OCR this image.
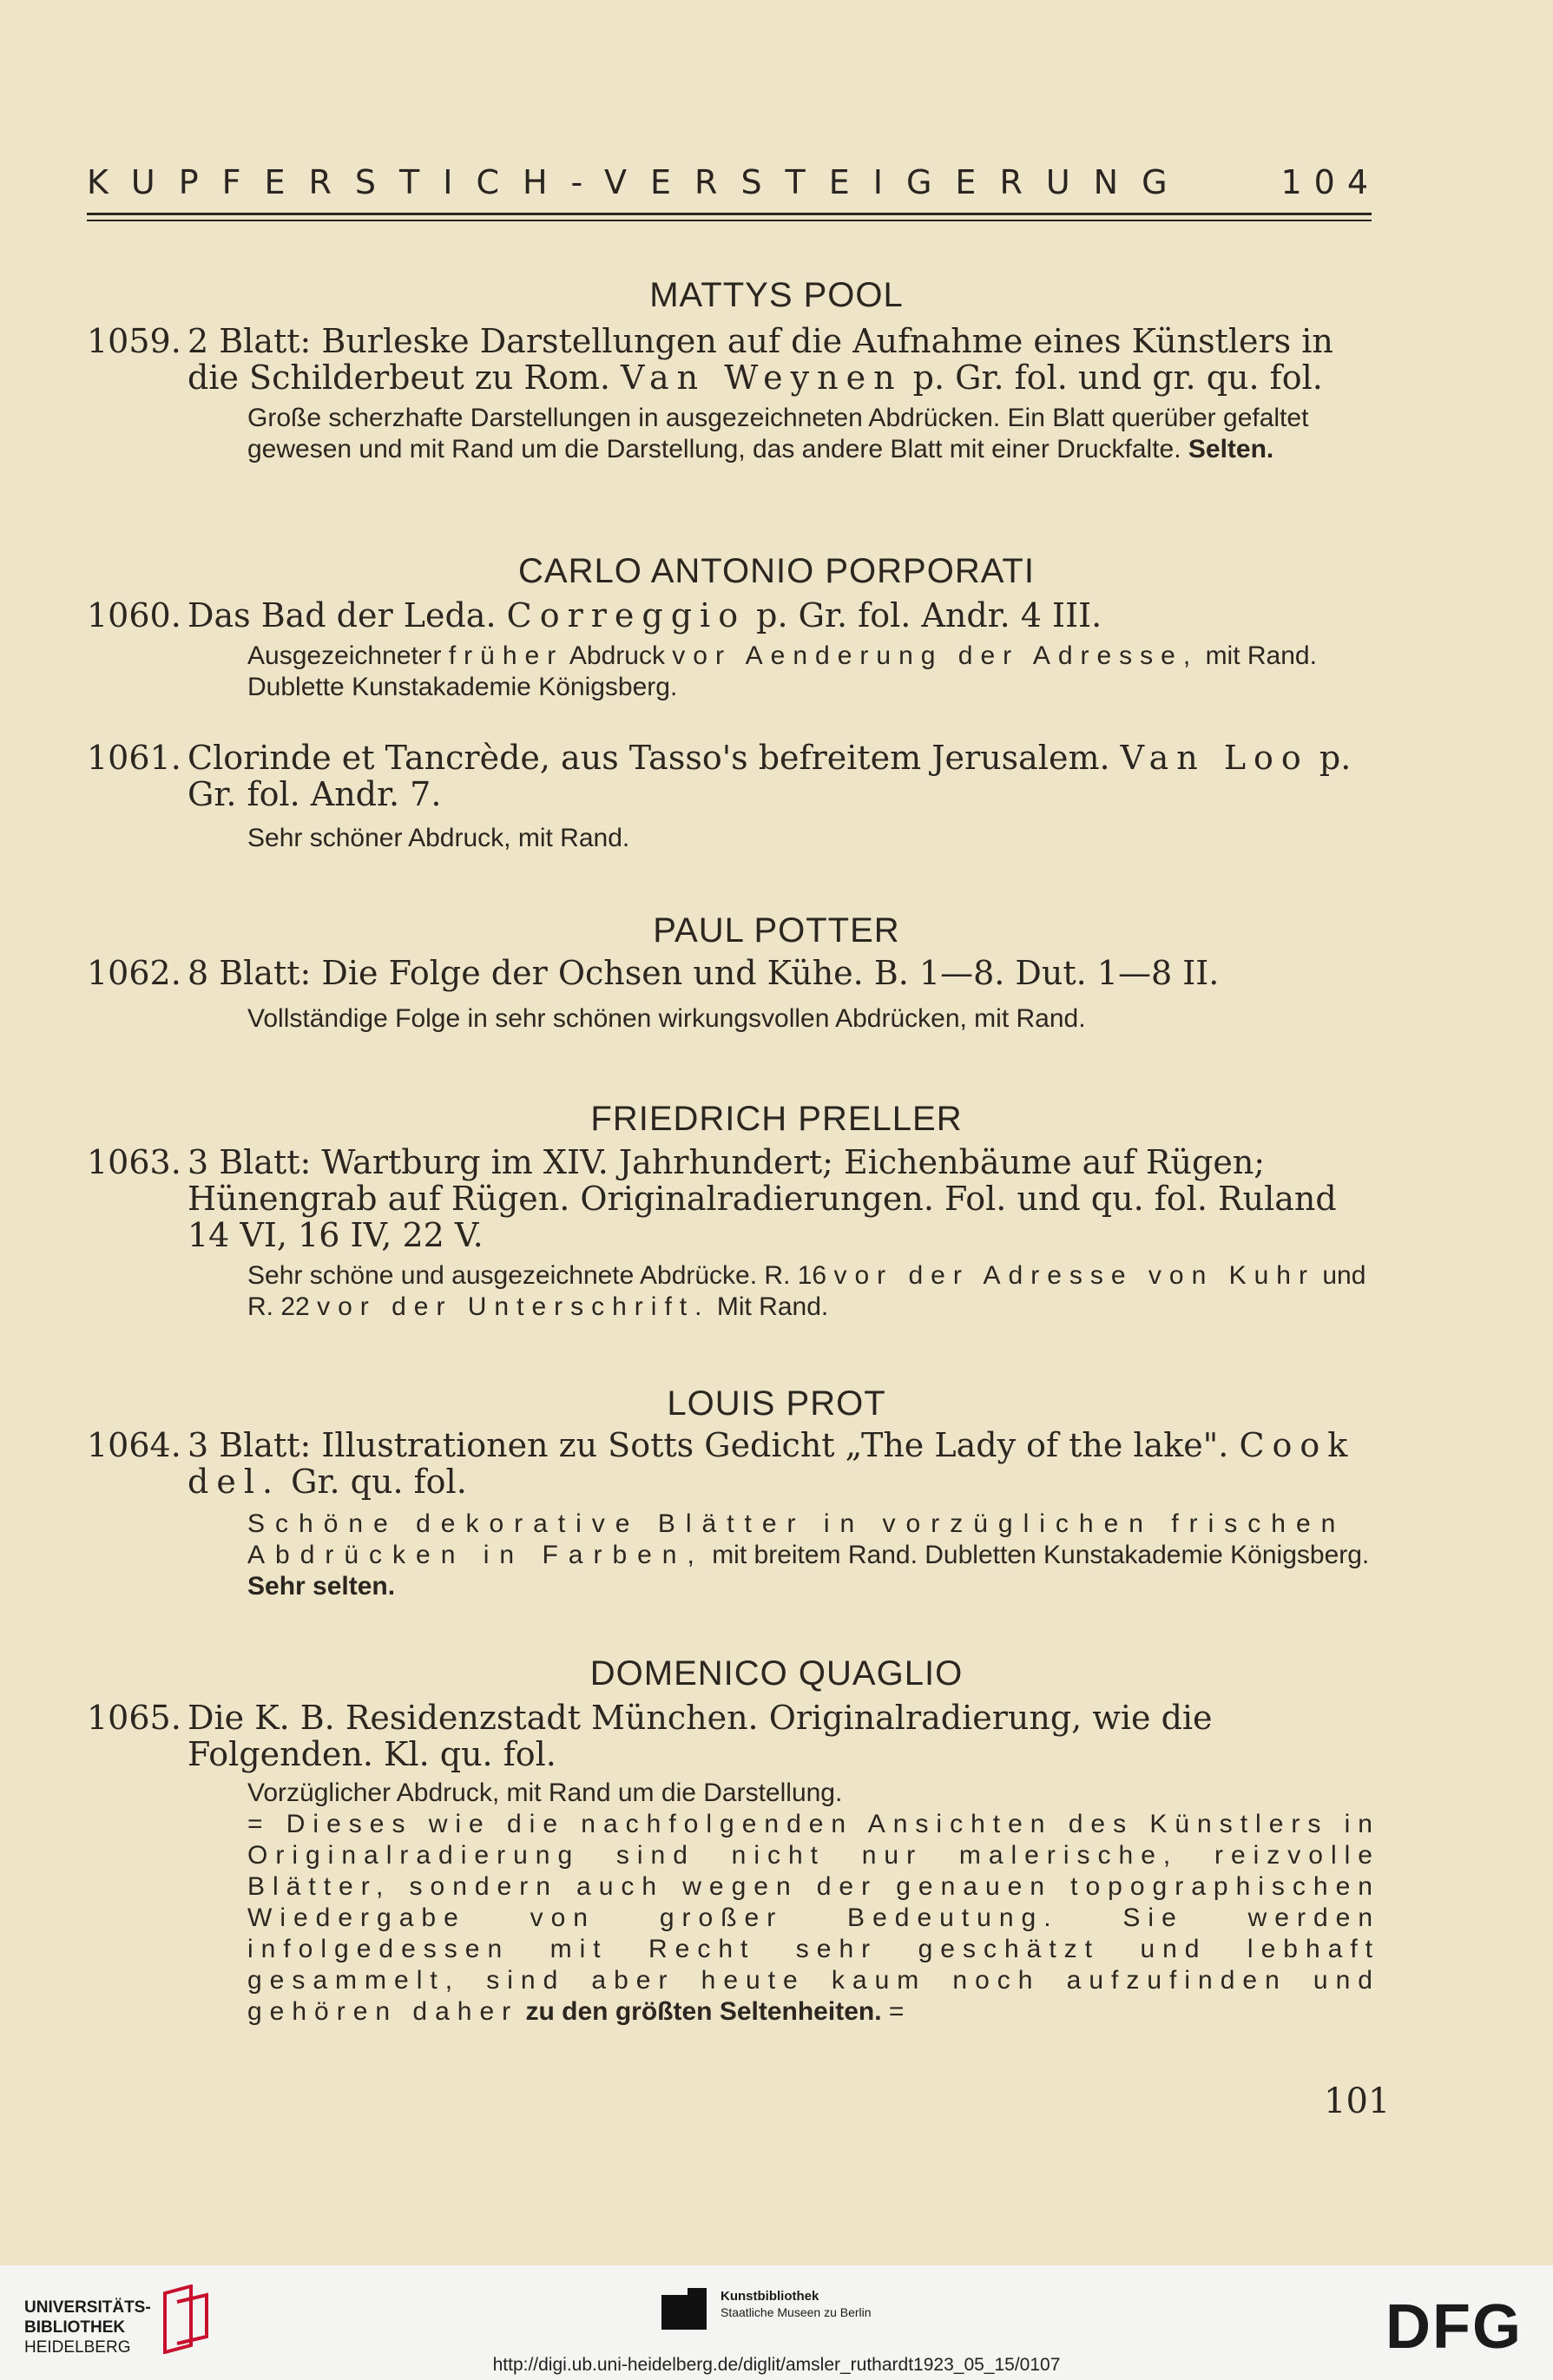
KUPFERSTICH-VERSTEIGERUNG	104
MATTYS POOL
1059. 2 Blatt: Burleske Darstellungen auf die Aufnahme eines Künstlers in die Schilderbeut zu Rom. Van Weynen p. Gr. fol. und gr. qu. fol.
Große scherzhafte Darstellungen in ausgezeichneten Abdrücken. Ein Blatt querüber gefaltet gewesen und mit Rand um die Darstellung, das andere Blatt mit einer Druckfalte. Selten.
CARLO ANTONIO PORPORATI
1060. Das Bad der Leda. Correggio p. Gr. fol. Andr. 4 III.
Ausgezeichneter früher Abdruck vor Aenderung der Adresse, mit Rand. Dublette Kunstakademie Königsberg.
1061. Clorinde et Tancrède, aus Tasso's befreitem Jerusalem. Van Loo p. Gr. fol. Andr. 7.
Sehr schöner Abdruck, mit Rand.
PAUL POTTER
1062. 8 Blatt: Die Folge der Ochsen und Kühe. B. 1—8. Dut. 1—8 II.
Vollständige Folge in sehr schönen wirkungsvollen Abdrücken, mit Rand.
FRIEDRICH PRELLER
1063. 3 Blatt: Wartburg im XIV. Jahrhundert; Eichenbäume auf Rügen; Hünengrab auf Rügen. Originalradierungen. Fol. und qu. fol. Ruland 14 VI, 16 IV, 22 V.
Sehr schöne und ausgezeichnete Abdrücke. R. 16 vor der Adresse von Kuhr und R. 22 vor der Unterschrift. Mit Rand.
LOUIS PROT
1064. 3 Blatt: Illustrationen zu Sotts Gedicht „The Lady of the lake". Cook del. Gr. qu. fol.
Schöne dekorative Blätter in vorzüglichen frischen Abdrücken in Farben, mit breitem Rand. Dubletten Kunstakademie Königsberg. Sehr selten.
DOMENICO QUAGLIO
1065. Die K. B. Residenzstadt München. Originalradierung, wie die Folgenden. Kl. qu. fol.
Vorzüglicher Abdruck, mit Rand um die Darstellung.
= Dieses wie die nachfolgenden Ansichten des Künstlers in Originalradierung sind nicht nur malerische, reizvolle Blätter, sondern auch wegen der genauen topographischen Wiedergabe von großer Bedeutung. Sie werden infolgedessen mit Recht sehr geschätzt und lebhaft gesammelt, sind aber heute kaum noch aufzufinden und gehören daher zu den größten Seltenheiten. =
101
UNIVERSITÄTS-
BIBLIOTHEK
HEIDELBERG
Kunstbibliothek
Staatliche Museen zu Berlin	DFG
http://digi.ub.uni-heidelberg.de/diglit/amsler_ruthardt1923_05_15/0107
